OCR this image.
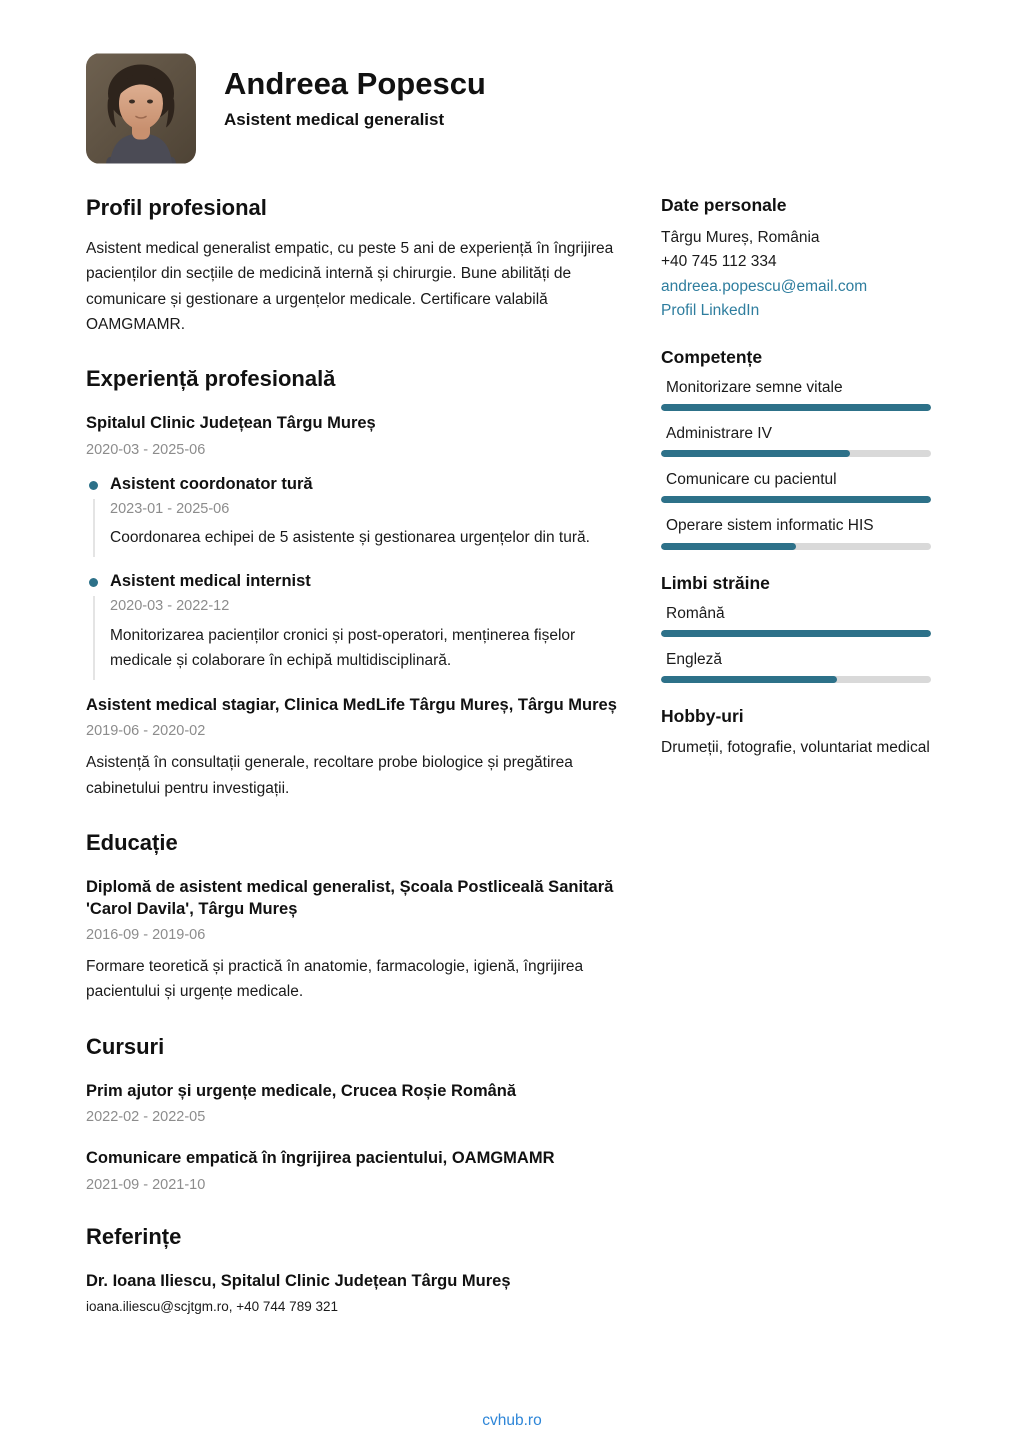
Andreea Popescu
Asistent medical generalist
Profil profesional

Asistent medical generalist empatic, cu peste 5 ani de experiență în îngrijirea pacienților din secțiile de medicină internă și chirurgie. Bune abilități de comunicare și gestionare a urgențelor medicale. Certificare valabilă OAMGMAMR.

Experiență profesională
Spitalul Clinic Județean Târgu Mureș
2020-03 - 2025-06
Asistent coordonator tură
2023-01 - 2025-06

Coordonarea echipei de 5 asistente și gestionarea urgențelor din tură.

Asistent medical internist
2020-03 - 2022-12

Monitorizarea pacienților cronici și post-operatori, menținerea fișelor medicale și colaborare în echipă multidisciplinară.

Asistent medical stagiar, Clinica MedLife Târgu Mureș, Târgu Mureș
2019-06 - 2020-02

Asistență în consultații generale, recoltare probe biologice și pregătirea cabinetului pentru investigații.

Educație
Diplomă de asistent medical generalist, Școala Postliceală Sanitară 'Carol Davila', Târgu Mureș
2016-09 - 2019-06

Formare teoretică și practică în anatomie, farmacologie, igienă, îngrijirea pacientului și urgențe medicale.

Cursuri
Prim ajutor și urgențe medicale, Crucea Roșie Română
2022-02 - 2022-05
Comunicare empatică în îngrijirea pacientului, OAMGMAMR
2021-09 - 2021-10
Referințe
Dr. Ioana Iliescu, Spitalul Clinic Județean Târgu Mureș

ioana.iliescu@scjtgm.ro, +40 744 789 321

Date personale

Târgu Mureș, România

+40 745 112 334

andreea.popescu@email.com

Profil LinkedIn

Competențe

Monitorizare semne vitale

Administrare IV

Comunicare cu pacientul

Operare sistem informatic HIS

Limbi străine

Română

Engleză

Hobby-uri

Drumeții, fotografie, voluntariat medical

cvhub.ro
